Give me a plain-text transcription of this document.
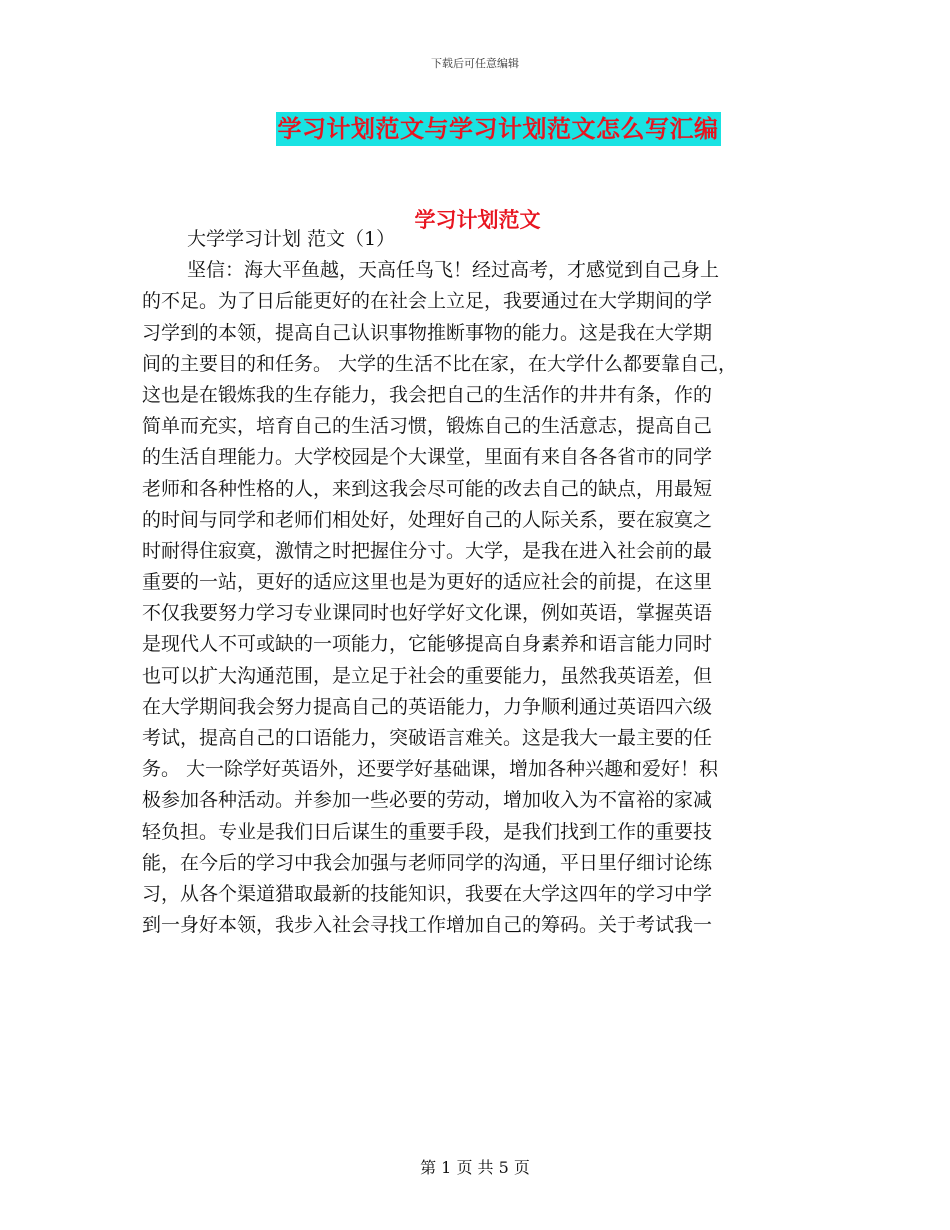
下载后可任意编辑
学习计划范文与学习计划范文怎么写汇编
学习计划范文
大学学习计划 范文（1）
坚信：海大平鱼越，天高任鸟飞！经过高考，才感觉到自己身上
的不足。为了日后能更好的在社会上立足，我要通过在大学期间的学
习学到的本领，提高自己认识事物推断事物的能力。这是我在大学期
间的主要目的和任务。 大学的生活不比在家，在大学什么都要靠自己，
这也是在锻炼我的生存能力，我会把自己的生活作的井井有条，作的
简单而充实，培育自己的生活习惯，锻炼自己的生活意志，提高自己
的生活自理能力。大学校园是个大课堂，里面有来自各各省市的同学
老师和各种性格的人，来到这我会尽可能的改去自己的缺点，用最短
的时间与同学和老师们相处好，处理好自己的人际关系，要在寂寞之
时耐得住寂寞，激情之时把握住分寸。大学，是我在进入社会前的最
重要的一站，更好的适应这里也是为更好的适应社会的前提，在这里
不仅我要努力学习专业课同时也好学好文化课，例如英语，掌握英语
是现代人不可或缺的一项能力，它能够提高自身素养和语言能力同时
也可以扩大沟通范围，是立足于社会的重要能力，虽然我英语差，但
在大学期间我会努力提高自己的英语能力，力争顺利通过英语四六级
考试，提高自己的口语能力，突破语言难关。这是我大一最主要的任
务。 大一除学好英语外，还要学好基础课，增加各种兴趣和爱好！积
极参加各种活动。并参加一些必要的劳动，增加收入为不富裕的家减
轻负担。专业是我们日后谋生的重要手段，是我们找到工作的重要技
能，在今后的学习中我会加强与老师同学的沟通，平日里仔细讨论练
习，从各个渠道猎取最新的技能知识，我要在大学这四年的学习中学
到一身好本领，我步入社会寻找工作增加自己的筹码。关于考试我一
第 1 页 共 5 页
